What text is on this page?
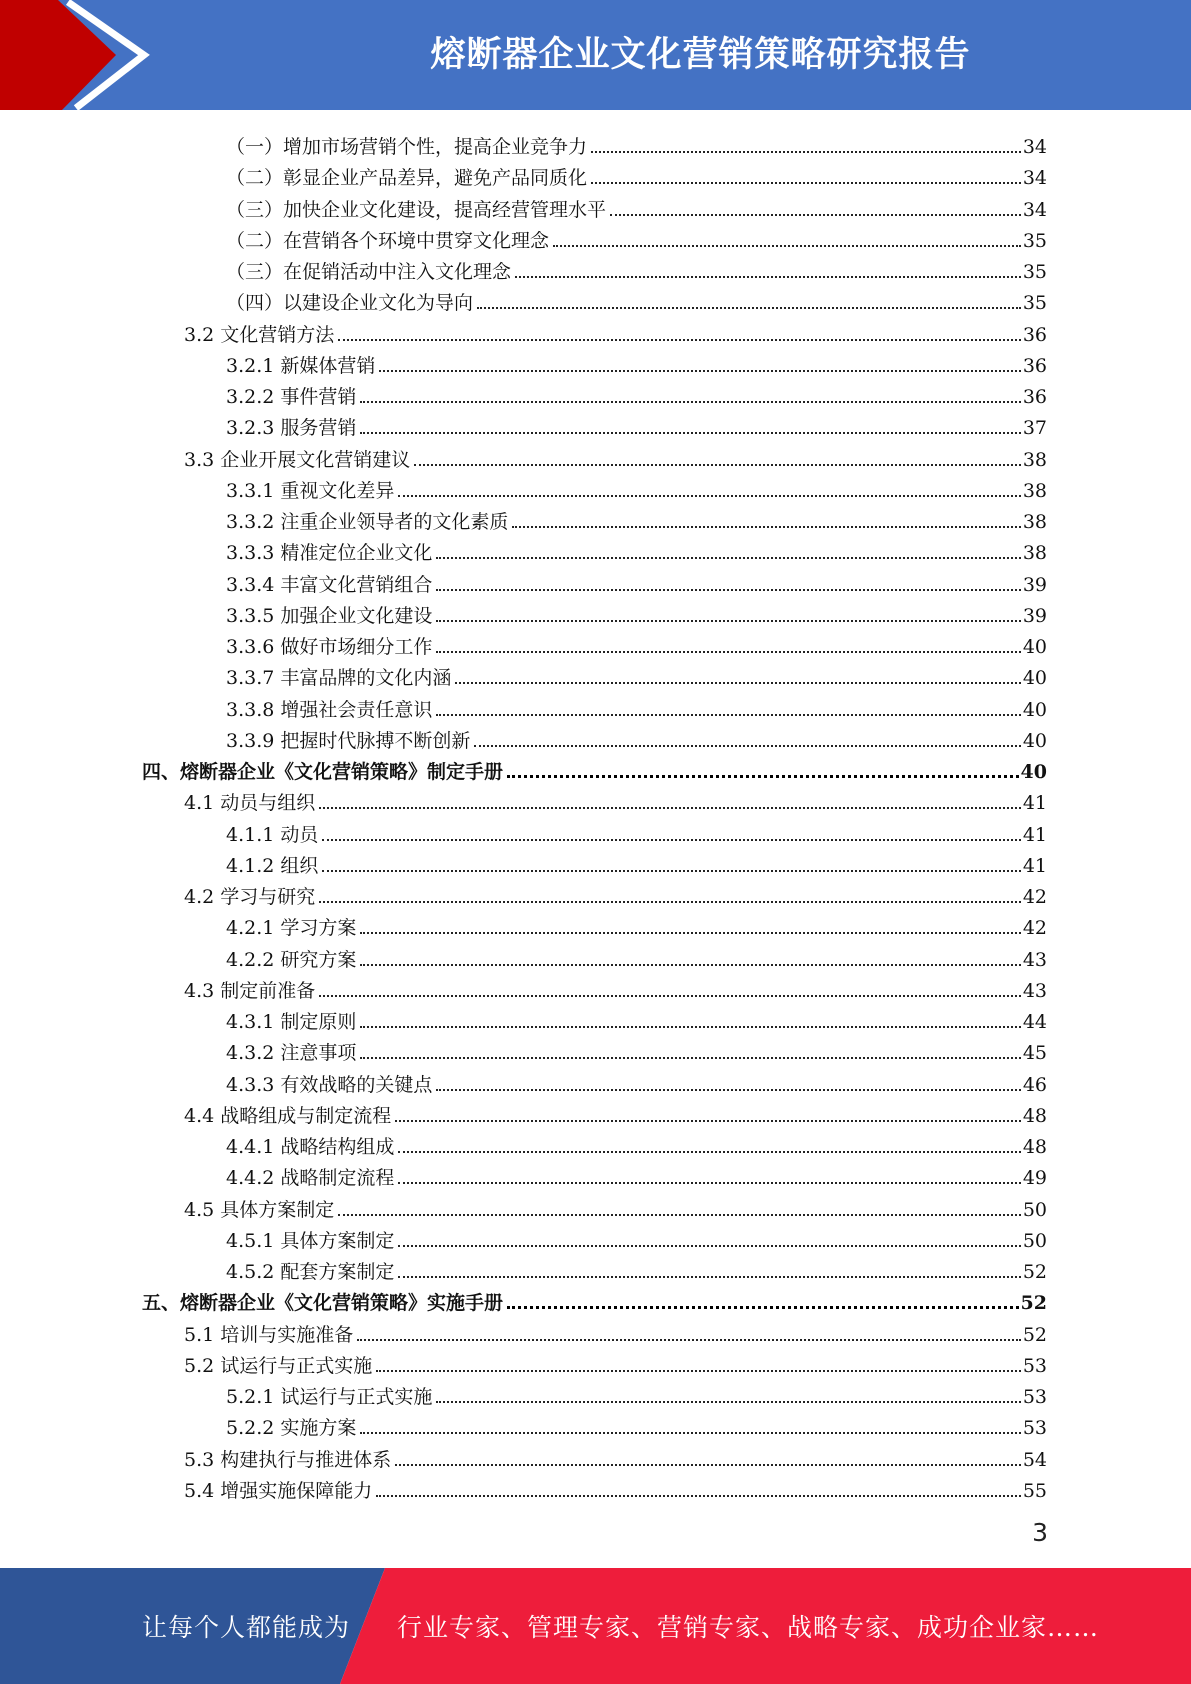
熔断器企业文化营销策略研究报告
（一）增加市场营销个性，提高企业竞争力	34
（二）彰显企业产品差异，避免产品同质化	34
（三）加快企业文化建设，提高经营管理水平	34
（二）在营销各个环境中贯穿文化理念	35
（三）在促销活动中注入文化理念	35
（四）以建设企业文化为导向	35
3.2 文化营销方法	36
3.2.1 新媒体营销	36
3.2.2 事件营销	36
3.2.3 服务营销	37
3.3 企业开展文化营销建议	38
3.3.1 重视文化差异	38
3.3.2 注重企业领导者的文化素质	38
3.3.3 精准定位企业文化	38
3.3.4 丰富文化营销组合	39
3.3.5 加强企业文化建设	39
3.3.6 做好市场细分工作	40
3.3.7 丰富品牌的文化内涵	40
3.3.8 增强社会责任意识	40
3.3.9 把握时代脉搏不断创新	40
四、熔断器企业《文化营销策略》制定手册	40
4.1 动员与组织	41
4.1.1 动员	41
4.1.2 组织	41
4.2 学习与研究	42
4.2.1 学习方案	42
4.2.2 研究方案	43
4.3 制定前准备	43
4.3.1 制定原则	44
4.3.2 注意事项	45
4.3.3 有效战略的关键点	46
4.4 战略组成与制定流程	48
4.4.1 战略结构组成	48
4.4.2 战略制定流程	49
4.5 具体方案制定	50
4.5.1 具体方案制定	50
4.5.2 配套方案制定	52
五、熔断器企业《文化营销策略》实施手册	52
5.1 培训与实施准备	52
5.2 试运行与正式实施	53
5.2.1 试运行与正式实施	53
5.2.2 实施方案	53
5.3 构建执行与推进体系	54
5.4 增强实施保障能力	55
3
让每个人都能成为 行业专家、管理专家、营销专家、战略专家、成功企业家……
